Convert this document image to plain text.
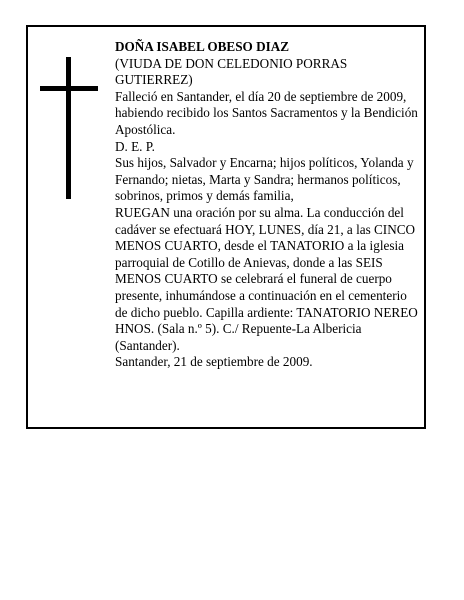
DOÑA ISABEL OBESO DIAZ

(VIUDA DE DON CELEDONIO PORRAS GUTIERREZ)

Falleció en Santander, el día 20 de septiembre de 2009, habiendo recibido los Santos Sacramentos y la Bendición Apostólica.

D. E. P.

Sus hijos, Salvador y Encarna; hijos políticos, Yolanda y Fernando; nietas, Marta y Sandra; hermanos políticos, sobrinos, primos y demás familia,

RUEGAN una oración por su alma. La conducción del cadáver se efectuará HOY, LUNES, día 21, a las CINCO MENOS CUARTO, desde el TANATORIO a la iglesia parroquial de Cotillo de Anievas, donde a las SEIS MENOS CUARTO se celebrará el funeral de cuerpo presente, inhumándose a continuación en el cementerio de dicho pueblo. Capilla ardiente: TANATORIO NEREO HNOS. (Sala n.º 5). C./ Repuente-La Albericia (Santander).

Santander, 21 de septiembre de 2009.
